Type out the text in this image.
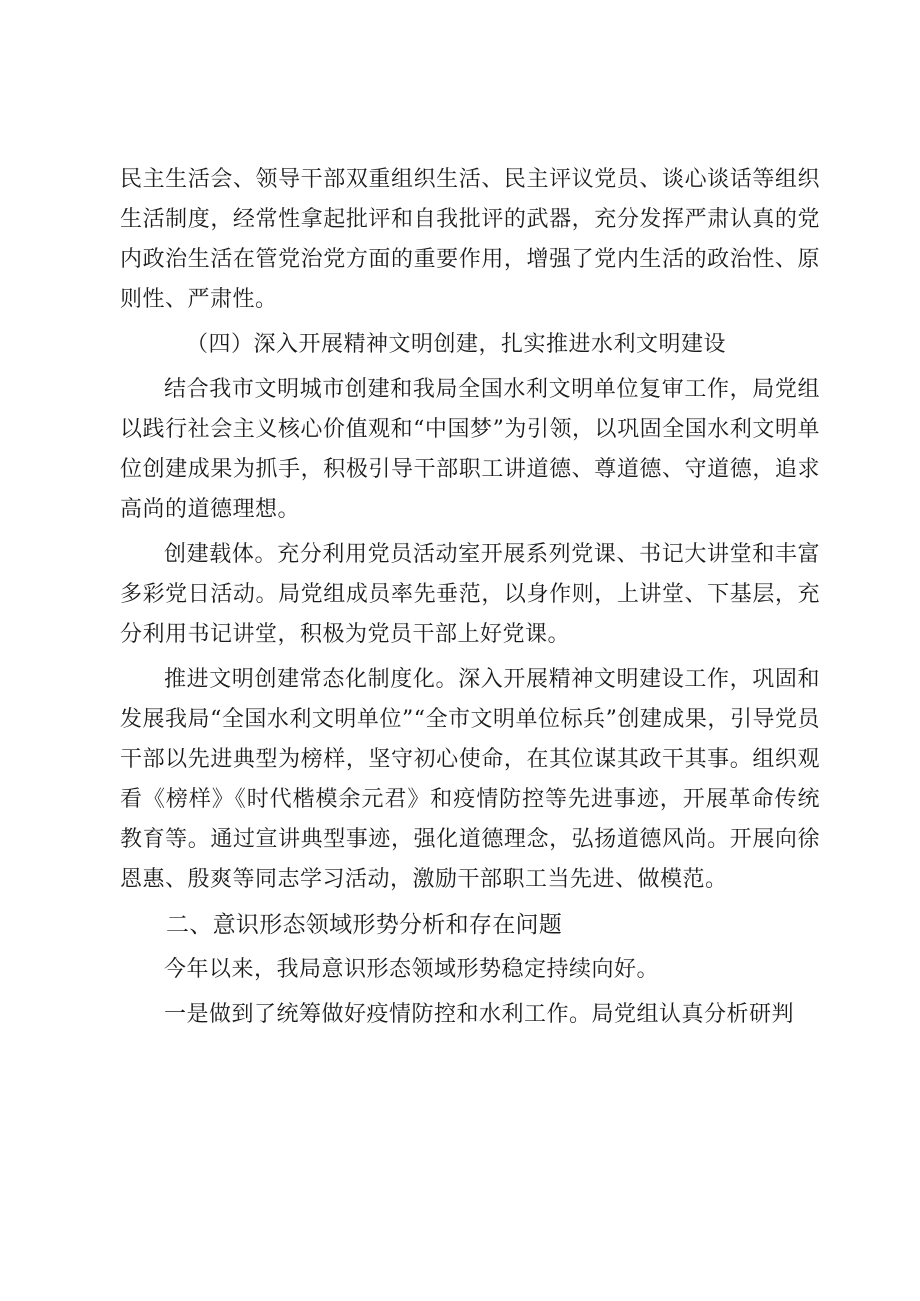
民主生活会、领导干部双重组织生活、民主评议党员、谈心谈话等组织生活制度，经常性拿起批评和自我批评的武器，充分发挥严肃认真的党内政治生活在管党治党方面的重要作用，增强了党内生活的政治性、原则性、严肃性。

（四）深入开展精神文明创建，扎实推进水利文明建设

结合我市文明城市创建和我局全国水利文明单位复审工作，局党组以践行社会主义核心价值观和“中国梦”为引领，以巩固全国水利文明单位创建成果为抓手，积极引导干部职工讲道德、尊道德、守道德，追求高尚的道德理想。

创建载体。充分利用党员活动室开展系列党课、书记大讲堂和丰富多彩党日活动。局党组成员率先垂范，以身作则，上讲堂、下基层，充分利用书记讲堂，积极为党员干部上好党课。

推进文明创建常态化制度化。深入开展精神文明建设工作，巩固和发展我局“全国水利文明单位”“全市文明单位标兵”创建成果，引导党员干部以先进典型为榜样，坚守初心使命，在其位谋其政干其事。组织观看《榜样》《时代楷模余元君》和疫情防控等先进事迹，开展革命传统教育等。通过宣讲典型事迹，强化道德理念，弘扬道德风尚。开展向徐恩惠、殷爽等同志学习活动，激励干部职工当先进、做模范。

二、意识形态领域形势分析和存在问题

今年以来，我局意识形态领域形势稳定持续向好。

一是做到了统筹做好疫情防控和水利工作。局党组认真分析研判
